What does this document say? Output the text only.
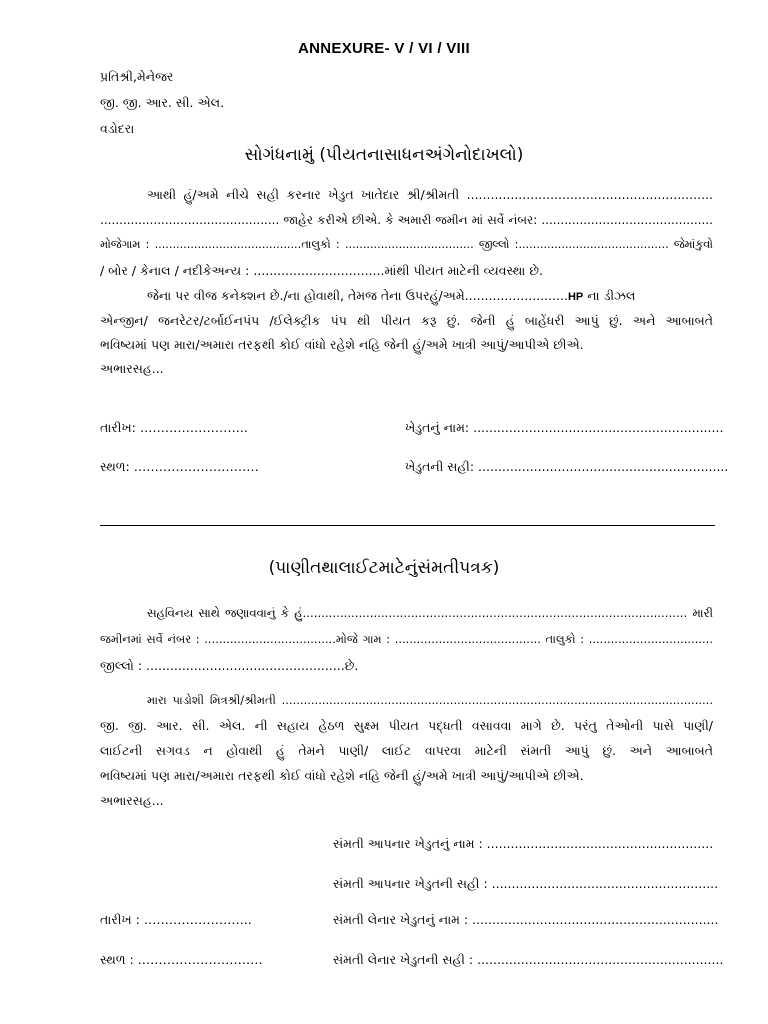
ANNEXURE- V / VI / VIII
પ્રતિશ્રી,મેનેજર
જી. જી. આર. સી. એલ.
વડોદરા
સોગંધનામું (પીયતનાસાધનઅંગેનોદાખલો)
આથી હું/અમે નીચે સહી કરનાર ખેડુત ખાતેદાર શ્રી/શ્રીમતી ..............................................................
............................................... જાહેર કરીએ છીએ. કે અમારી જમીન માં સર્વે નંબર: .............................................
મોજેગામ : .........................................તાલુકો : .................................... જીલ્લો :.......................................... જેમાંકુવો
/ બોર / કેનાલ / નદીકેઅન્ય : .................................માંથી પીયત માટેની વ્યવસ્થા છે.
જેના પર વીજ કનેક્શન છે./ના હોવાથી, તેમજ તેના ઉપરહું/અમે..........................HP ના ડીઝલ
એન્જીન/ જનરેટર/ટર્બાઈનપંપ /ઈલેક્ટ્રીક પંપ થી પીયત કરૂ છું. જેની હું બાહેંધરી આપું છું. અને આબાબતે
ભવિષ્યમાં પણ મારા/અમારા તરફથી કોઈ વાંધો રહેશે નહિ જેની હું/અમે ખાત્રી આપું/આપીએ છીએ.
અભારસહ...
તારીખ: ……………………..	ખેડુતનું નામ: ...............................................................
સ્થળ: …………………………	ખેડુતની સહી: ...............................................................
(પાણીતથાલાઈટમાટેનુંસંમતીપત્રક)
સહવિનય સાથે જણાવવાનું કે હું....................................................................................................... મારી
જમીનમાં સર્વે નંબર : ....................................મોજે ગામ : ........................................ તાલુકો : ..................................
જીલ્લો : ..................................................છે.
મારા પાડોશી મિત્રશ્રી/શ્રીમતી ......................................................................................................................
જી. જી. આર. સી. એલ. ની સહાય હેઠળ સુક્ષ્મ પીયત પદ્ધતી વસાવવા માગે છે. પરંતુ તેઓની પાસે પાણી/
લાઈટની સગવડ ન હોવાથી હું તેમને પાણી/ લાઈટ વાપરવા માટેની સંમતી આપું છું. અને આબાબતે
ભવિષ્યમાં પણ મારા/અમારા તરફથી કોઈ વાંધો રહેશે નહિ જેની હું/અમે ખાત્રી આપું/આપીએ છીએ.
અભારસહ...
સંમતી આપનાર ખેડુતનું નામ : .........................................................
સંમતી આપનાર ખેડુતની સહી : .........................................................
તારીખ : ……………………..	સંમતી લેનાર ખેડુતનું નામ : ..............................................................
સ્થળ : …………………………	સંમતી લેનાર ખેડુતની સહી : ..............................................................
